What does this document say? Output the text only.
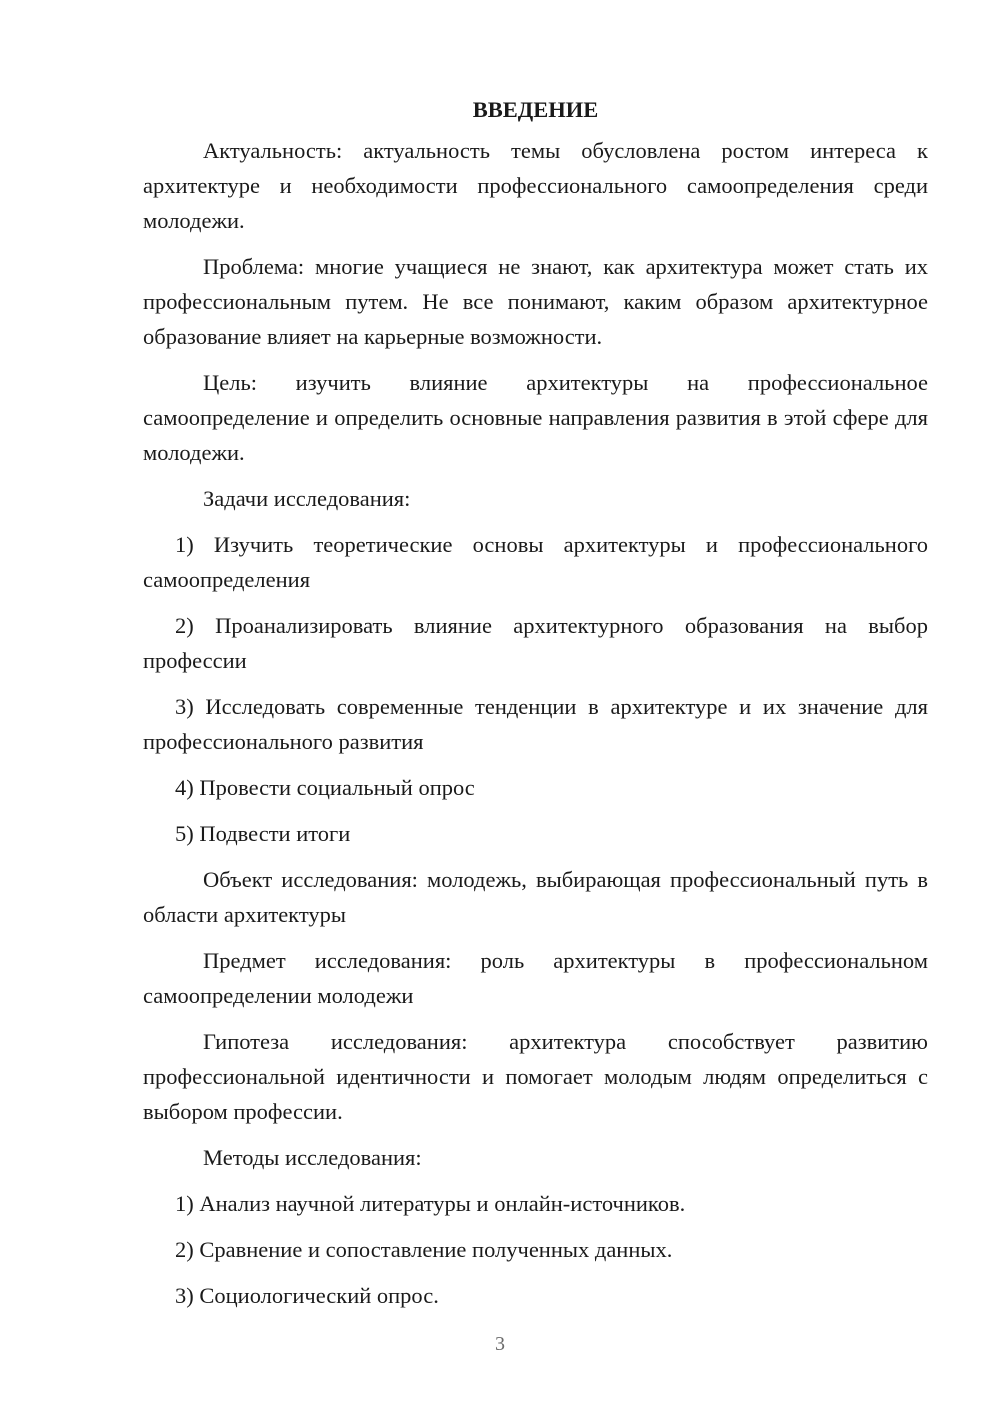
ВВЕДЕНИЕ

Актуальность: актуальность темы обусловлена ростом интереса к архитектуре и необходимости профессионального самоопределения среди молодежи.

Проблема: многие учащиеся не знают, как архитектура может стать их профессиональным путем. Не все понимают, каким образом архитектурное образование влияет на карьерные возможности.

Цель: изучить влияние архитектуры на профессиональное самоопределение и определить основные направления развития в этой сфере для молодежи.

Задачи исследования:

1) Изучить теоретические основы архитектуры и профессионального самоопределения

2) Проанализировать влияние архитектурного образования на выбор профессии

3) Исследовать современные тенденции в архитектуре и их значение для профессионального развития

4) Провести социальный опрос

5) Подвести итоги

Объект исследования: молодежь, выбирающая профессиональный путь в области архитектуры

Предмет исследования: роль архитектуры в профессиональном самоопределении молодежи

Гипотеза исследования: архитектура способствует развитию профессиональной идентичности и помогает молодым людям определиться с выбором профессии.

Методы исследования:

1) Анализ научной литературы и онлайн-источников.

2) Сравнение и сопоставление полученных данных.

3) Социологический опрос.

3
